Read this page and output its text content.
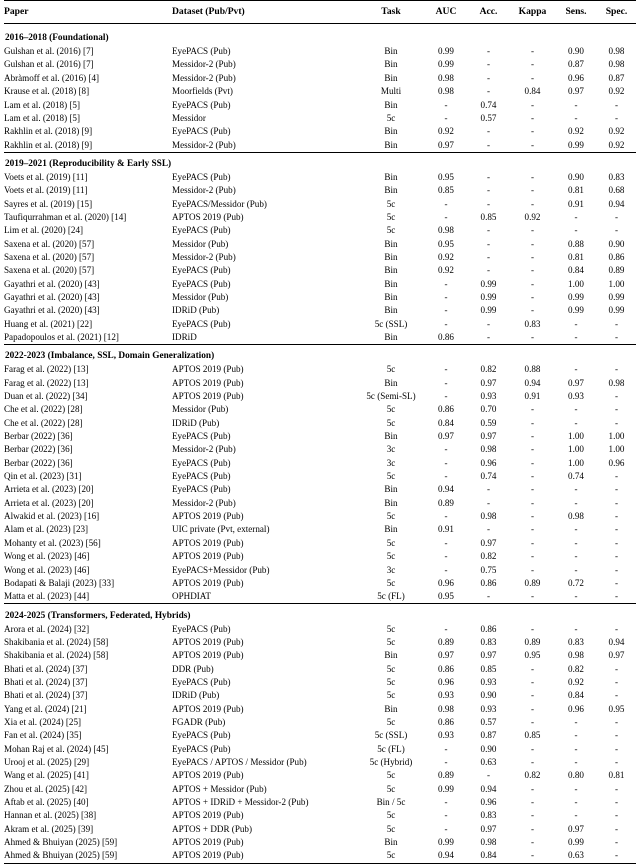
Paper	Dataset (Pub/Pvt)	Task	AUC	Acc.	Kappa	Sens.	Spec.
2016–2018 (Foundational)							
Gulshan et al. (2016) [7]	EyePACS (Pub)	Bin	0.99	-	-	0.90	0.98
Gulshan et al. (2016) [7]	Messidor-2 (Pub)	Bin	0.99	-	-	0.87	0.98
Abràmoff et al. (2016) [4]	Messidor-2 (Pub)	Bin	0.98	-	-	0.96	0.87
Krause et al. (2018) [8]	Moorfields (Pvt)	Multi	0.98	-	0.84	0.97	0.92
Lam et al. (2018) [5]	EyePACS (Pub)	Bin	-	0.74	-	-	-
Lam et al. (2018) [5]	Messidor	5c	-	0.57	-	-	-
Rakhlin et al. (2018) [9]	EyePACS (Pub)	Bin	0.92	-	-	0.92	0.92
Rakhlin et al. (2018) [9]	Messidor-2 (Pub)	Bin	0.97	-	-	0.99	0.92
2019–2021 (Reproducibility & Early SSL)							
Voets et al. (2019) [11]	EyePACS (Pub)	Bin	0.95	-	-	0.90	0.83
Voets et al. (2019) [11]	Messidor-2 (Pub)	Bin	0.85	-	-	0.81	0.68
Sayres et al. (2019) [15]	EyePACS/Messidor (Pub)	5c	-	-	-	0.91	0.94
Taufiqurrahman et al. (2020) [14]	APTOS 2019 (Pub)	5c	-	0.85	0.92	-	-
Lim et al. (2020) [24]	EyePACS (Pub)	5c	0.98	-	-	-	-
Saxena et al. (2020) [57]	Messidor (Pub)	Bin	0.95	-	-	0.88	0.90
Saxena et al. (2020) [57]	Messidor-2 (Pub)	Bin	0.92	-	-	0.81	0.86
Saxena et al. (2020) [57]	EyePACS (Pub)	Bin	0.92	-	-	0.84	0.89
Gayathri et al. (2020) [43]	EyePACS (Pub)	Bin	-	0.99	-	1.00	1.00
Gayathri et al. (2020) [43]	Messidor (Pub)	Bin	-	0.99	-	0.99	0.99
Gayathri et al. (2020) [43]	IDRiD (Pub)	Bin	-	0.99	-	0.99	0.99
Huang et al. (2021) [22]	EyePACS (Pub)	5c (SSL)	-	-	0.83	-	-
Papadopoulos et al. (2021) [12]	IDRiD	Bin	0.86	-	-	-	-
2022-2023 (Imbalance, SSL, Domain Generalization)							
Farag et al. (2022) [13]	APTOS 2019 (Pub)	5c	-	0.82	0.88	-	-
Farag et al. (2022) [13]	APTOS 2019 (Pub)	Bin	-	0.97	0.94	0.97	0.98
Duan et al. (2022) [34]	APTOS 2019 (Pub)	5c (Semi-SL)	-	0.93	0.91	0.93	-
Che et al. (2022) [28]	Messidor (Pub)	5c	0.86	0.70	-	-	-
Che et al. (2022) [28]	IDRiD (Pub)	5c	0.84	0.59	-	-	-
Berbar (2022) [36]	EyePACS (Pub)	Bin	0.97	0.97	-	1.00	1.00
Berbar (2022) [36]	Messidor-2 (Pub)	3c	-	0.98	-	1.00	1.00
Berbar (2022) [36]	EyePACS (Pub)	3c	-	0.96	-	1.00	0.96
Qin et al. (2023) [31]	EyePACS (Pub)	5c	-	0.74	-	0.74	-
Arrieta et al. (2023) [20]	EyePACS (Pub)	Bin	0.94	-	-	-	-
Arrieta et al. (2023) [20]	Messidor-2 (Pub)	Bin	0.89	-	-	-	-
Alwakid et al. (2023) [16]	APTOS 2019 (Pub)	5c	-	0.98	-	0.98	-
Alam et al. (2023) [23]	UIC private (Pvt, external)	Bin	0.91	-	-	-	-
Mohanty et al. (2023) [56]	APTOS 2019 (Pub)	5c	-	0.97	-	-	-
Wong et al. (2023) [46]	APTOS 2019 (Pub)	5c	-	0.82	-	-	-
Wong et al. (2023) [46]	EyePACS+Messidor (Pub)	3c	-	0.75	-	-	-
Bodapati & Balaji (2023) [33]	APTOS 2019 (Pub)	5c	0.96	0.86	0.89	0.72	-
Matta et al. (2023) [44]	OPHDIAT	5c (FL)	0.95	-	-	-	-
2024-2025 (Transformers, Federated, Hybrids)							
Arora et al. (2024) [32]	EyePACS (Pub)	5c	-	0.86	-	-	-
Shakibania et al. (2024) [58]	APTOS 2019 (Pub)	5c	0.89	0.83	0.89	0.83	0.94
Shakibania et al. (2024) [58]	APTOS 2019 (Pub)	Bin	0.97	0.97	0.95	0.98	0.97
Bhati et al. (2024) [37]	DDR (Pub)	5c	0.86	0.85	-	0.82	-
Bhati et al. (2024) [37]	EyePACS (Pub)	5c	0.96	0.93	-	0.92	-
Bhati et al. (2024) [37]	IDRiD (Pub)	5c	0.93	0.90	-	0.84	-
Yang et al. (2024) [21]	APTOS 2019 (Pub)	Bin	0.98	0.93	-	0.96	0.95
Xia et al. (2024) [25]	FGADR (Pub)	5c	0.86	0.57	-	-	-
Fan et al. (2024) [35]	EyePACS (Pub)	5c (SSL)	0.93	0.87	0.85	-	-
Mohan Raj et al. (2024) [45]	EyePACS (Pub)	5c (FL)	-	0.90	-	-	-
Urooj et al. (2025) [29]	EyePACS / APTOS / Messidor (Pub)	5c (Hybrid)	-	0.63	-	-	-
Wang et al. (2025) [41]	APTOS 2019 (Pub)	5c	0.89	-	0.82	0.80	0.81
Zhou et al. (2025) [42]	APTOS + Messidor (Pub)	5c	0.99	0.94	-	-	-
Aftab et al. (2025) [40]	APTOS + IDRiD + Messidor-2 (Pub)	Bin / 5c	-	0.96	-	-	-
Hannan et al. (2025) [38]	APTOS 2019 (Pub)	5c	-	0.83	-	-	-
Akram et al. (2025) [39]	APTOS + DDR (Pub)	5c	-	0.97	-	0.97	-
Ahmed & Bhuiyan (2025) [59]	APTOS 2019 (Pub)	Bin	0.99	0.98	-	0.99	-
Ahmed & Bhuiyan (2025) [59]	APTOS 2019 (Pub)	5c	0.94	0.84	-	0.63	-
